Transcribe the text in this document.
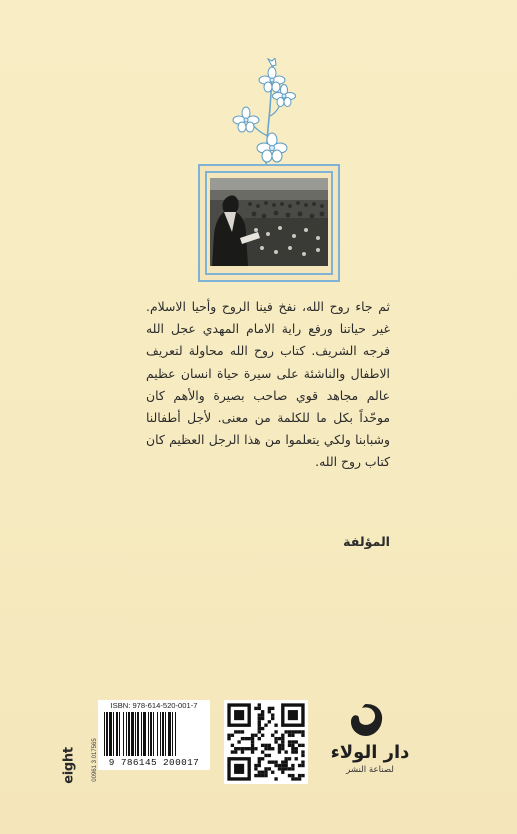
ثم جاء روح الله، نفخ فينا الروح وأحيا الاسلام. غير حياتنا ورفع راية الامام المهدي عجل الله فرجه الشريف. كتاب روح الله محاولة لتعريف الاطفال والناشئة على سيرة حياة انسان عظيم عالم مجاهد قوي صاحب بصيرة والأهم كان موحّداً بكل ما للكلمة من معنى. لأجل أطفالنا وشبابنا ولكي يتعلموا من هذا الرجل العظيم كان كتاب روح الله.
المؤلفة
eight	00961 3 017565
ISBN: 978-614-520-001-7
9 786145 200017	دار الولاء
لصناعة النشر
